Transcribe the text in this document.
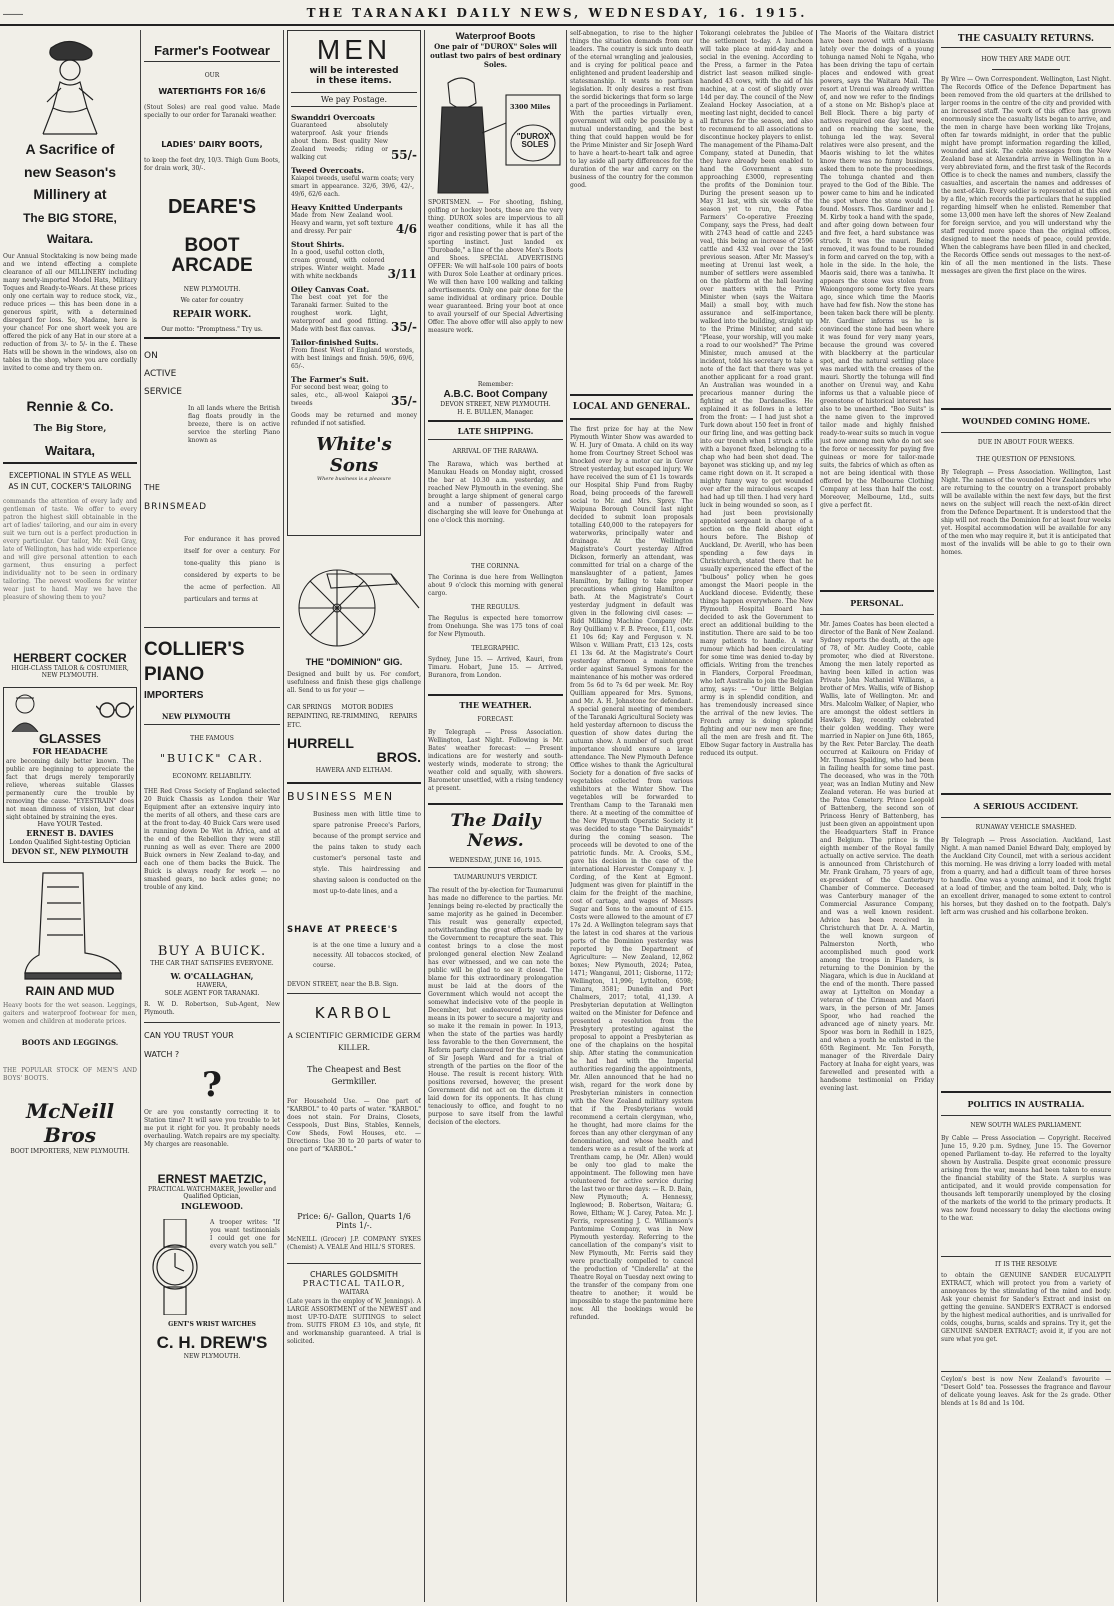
――	THE TARANAKI DAILY NEWS, WEDNESDAY, 16. 1915.
A Sacrifice of
new Season's
Millinery at
The BIG STORE,
Waitara.
Our Annual Stocktaking is now being made and we intend effecting a complete clearance of all our MILLINERY including many newly-imported Model Hats, Military Toques and Ready-to-Wears. At these prices only one certain way to reduce stock, viz., reduce prices — this has been done in a generous spirit, with a determined disregard for loss. So, Madame, here is your chance! For one short week you are offered the pick of any Hat in our store at a reduction of from 3/- to 5/- in the £. These Hats will be shown in the windows, also on tables in the shop, where you are cordially invited to come and try them on.
Rennie & Co.
The Big Store,
Waitara,
EXCEPTIONAL IN STYLE AS WELL AS IN CUT, COCKER'S TAILORING
commands the attention of every lady and gentleman of taste. We offer to every patron the highest skill obtainable in the art of ladies' tailoring, and our aim in every suit we turn out is a perfect production in every particular. Our tailor, Mr. Neil Gray, late of Wellington, has had wide experience and will give personal attention to each garment, thus ensuring a perfect individuality not to be seen in ordinary tailoring. The newest woollens for winter wear just to hand. May we have the pleasure of showing them to you?
HERBERT COCKER
HIGH-CLASS TAILOR & COSTUMIER, NEW PLYMOUTH.
GLASSES
FOR HEADACHE
are becoming daily better known. The public are beginning to appreciate the fact that drugs merely temporarily relieve, whereas suitable Glasses permanently cure the trouble by removing the cause. "EYESTRAIN" does not mean dimness of vision, but clear sight obtained by straining the eyes.
Have YOUR Tested.
ERNEST B. DAVIES
London Qualified Sight-testing Optician
DEVON ST., NEW PLYMOUTH
RAIN AND MUD
Heavy boots for the wet season. Leggings, gaiters and waterproof footwear for men, women and children at moderate prices.
BOOTS AND LEGGINGS.
THE POPULAR STOCK OF MEN'S AND BOYS' BOOTS.
McNeill Bros
BOOT IMPORTERS, NEW PLYMOUTH.
Farmer's Footwear
OUR
WATERTIGHTS FOR 16/6
(Stout Soles) are real good value. Made specially to our order for Taranaki weather.
LADIES' DAIRY BOOTS,
to keep the feet dry, 10/3. Thigh Gum Boots, for drain work, 30/-.
DEARE'S
BOOT ARCADE
NEW PLYMOUTH.
We cater for country
REPAIR WORK.
Our motto: "Promptness." Try us.
ON
ACTIVE
SERVICE
In all lands where the British flag floats proudly in the breeze, there is on active service the sterling Piano known as
THE
BRINSMEAD
For endurance it has proved itself for over a century. For tone-quality this piano is considered by experts to be the acme of perfection. All particulars and terms at
COLLIER'S
PIANO
IMPORTERS
NEW PLYMOUTH
THE FAMOUS
"BUICK" CAR.
ECONOMY. RELIABILITY.
THE Red Cross Society of England selected 20 Buick Chassis as London their War Equipment after an extensive inquiry into the merits of all others, and these cars are at the front to-day. 40 Buick Cars were used in running down De Wet in Africa, and at the end of the Rebellion they were still running as well as ever. There are 2000 Buick owners in New Zealand to-day, and each one of them backs the Buick. The Buick is always ready for work — no smashed gears, no back axles gone; no trouble of any kind.
BUY A BUICK.
THE CAR THAT SATISFIES EVERYONE.
W. O'CALLAGHAN,
HAWERA,
SOLE AGENT FOR TARANAKI.
R. W. D. Robertson, Sub-Agent, New Plymouth.
CAN YOU TRUST YOUR
WATCH ?
?
Or are you constantly correcting it to Station time? It will save you trouble to let me put it right for you. It probably needs overhauling. Watch repairs are my specialty. My charges are reasonable.
ERNEST MAETZIC,
PRACTICAL WATCHMAKER, Jeweller and Qualified Optician,
INGLEWOOD.
A trooper writes: "If you want testimonials I could get one for every watch you sell."
GENT'S WRIST WATCHES
C. H. DREW'S
NEW PLYMOUTH.
MEN
will be interested
in these items.
We pay Postage.
Swanddri Overcoats
Guaranteed absolutely waterproof. Ask your friends about them. Best quality New Zealand tweeds; riding or walking cut	55/-
Tweed Overcoats.
Kaiapoi tweeds, useful warm coats; very smart in appearance. 32/6, 39/6, 42/-, 49/6, 62/6 each.
Heavy Knitted Underpants
Made from New Zealand wool. Heavy and warm, yet soft texture and dressy. Per pair	4/6
Stout Shirts.
In a good, useful cotton cloth, cream ground, with colored stripes. Winter weight. Made with white neckbands	3/11
Oiley Canvas Coat.
The best coat yet for the Taranaki farmer. Suited to the roughest work. Light, waterproof and good fitting. Made with best flax canvas.	35/-
Tailor-finished Suits.
From finest West of England worsteds, with best linings and finish. 59/6, 69/6, 65/-.
The Farmer's Suit.
For second best wear, going to sales, etc., all-wool Kaiapoi tweeds	35/-
Goods may be returned and money refunded if not satisfied.
White's Sons
Where business is a pleasure
THE "DOMINION" GIG.
Designed and built by us. For comfort, usefulness and finish these gigs challenge all. Send to us for your —
CAR SPRINGS MOTOR BODIES
REPAINTING, RE-TRIMMING, REPAIRS
ETC.
HURRELL
BROS.
HAWERA AND ELTHAM.
BUSINESS MEN
Business men with little time to spare patronise Preece's Parlors, because of the prompt service and the pains taken to study each customer's personal taste and style. This hairdressing and shaving saloon is conducted on the most up-to-date lines, and a
SHAVE AT PREECE'S
is at the one time a luxury and a necessity. All tobaccos stocked, of course.
DEVON STREET, near the B.B. Sign.
KARBOL
A SCIENTIFIC GERMICIDE GERM KILLER.
The Cheapest and Best Germkiller.
For Household Use. — One part of "KARBOL" to 40 parts of water. "KARBOL" does not stain. For Drains, Closets, Cesspools, Dust Bins, Stables, Kennels, Cow Sheds, Fowl Houses, etc. — Directions: Use 30 to 20 parts of water to one part of "KARBOL."
Price: 6/- Gallon, Quarts 1/6 Pints 1/-.
McNEILL (Grocer) J.P. COMPANY SYKES (Chemist) A. VEALE And HILL'S STORES.
CHARLES GOLDSMITH
PRACTICAL TAILOR,
WAITARA
(Late years in the employ of W. Jennings). A LARGE ASSORTMENT of the NEWEST and most UP-TO-DATE SUITINGS to select from. SUITS FROM £3 10s, and style, fit and workmanship guaranteed. A trial is solicited.
Waterproof Boots
One pair of "DUROX" Soles will outlast two pairs of best ordinary Soles.
3300 Miles
"DUROX" SOLES
SPORTSMEN. — For shooting, fishing, golfing or hockey boots, these are the very thing. DUROX soles are impervious to all weather conditions, while it has all the rigor and resisting power that is part of the sporting instinct. Just landed ex "Durobade," a line of the above Men's Boots and Shoes. SPECIAL ADVERTISING OFFER: We will half-sole 100 pairs of boots with Durox Sole Leather at ordinary prices. We will then have 100 walking and talking advertisements. Only one pair done for the same individual at ordinary price. Double wear guaranteed. Bring your boot at once to avail yourself of our Special Advertising Offer. The above offer will also apply to new measure work.
Remember:
A.B.C. Boot Company
DEVON STREET, NEW PLYMOUTH.
H. E. BULLEN, Manager.
LATE SHIPPING.
ARRIVAL OF THE RARAWA.
The Rarawa, which was berthed at Manukau Heads on Monday night, crossed the bar at 10.30 a.m. yesterday, and reached New Plymouth in the evening. She brought a large shipment of general cargo and a number of passengers. After discharging she will leave for Onehunga at one o'clock this morning.
THE CORINNA.
The Corinna is due here from Wellington about 9 o'clock this morning with general cargo.
THE REGULUS.
The Regulus is expected here tomorrow from Onehunga. She was 175 tons of coal for New Plymouth.
TELEGRAPHIC.
Sydney, June 15. — Arrived, Kauri, from Timaru. Hobart, June 15. — Arrived, Buranora, from London.
THE WEATHER.
FORECAST.
By Telegraph — Press Association. Wellington, Last Night. Following is Mr. Bates' weather forecast: — Present indications are for westerly and south-westerly winds, moderate to strong; the weather cold and squally, with showers. Barometer unsettled, with a rising tendency at present.
The Daily News.
WEDNESDAY, JUNE 16, 1915.
TAUMARUNUI'S VERDICT.
The result of the by-election for Taumarunui has made no difference to the parties. Mr. Jennings being re-elected by practically the same majority as he gained in December. This result was generally expected, notwithstanding the great efforts made by the Government to recapture the seat. This contest brings to a close the most prolonged general election New Zealand has ever witnessed, and we can note the public will be glad to see it closed. The blame for this extraordinary prolongation must be laid at the doors of the Government which would not accept the somewhat indecisive vote of the people in December, but endeavoured by various means in its power to secure a majority and so make it the remain in power. In 1913, when the state of the parties was hardly less favorable to the then Government, the Reform party clamoured for the resignation of Sir Joseph Ward and for a trial of strength of the parties on the floor of the House. The result is recent history. With positions reversed, however, the present Government did not act on the dictum it laid down for its opponents. It has clung tenaciously to office, and fought to no purpose to save itself from the lawful decision of the electors.
self-abnegation, to rise to the higher things the situation demands from our leaders. The country is sick unto death of the eternal wrangling and jealousies, and is crying for political peace and enlightened and prudent leadership and statesmanship. It wants no partisan legislation. It only desires a rest from the sordid bickerings that form so large a part of the proceedings in Parliament. With the parties virtually even, government will only be possible by a mutual understanding, and the best thing that could happen would be for the Prime Minister and Sir Joseph Ward to have a heart-to-heart talk and agree to lay aside all party differences for the duration of the war and carry on the business of the country for the common good.
LOCAL AND GENERAL.
The first prize for hay at the New Plymouth Winter Show was awarded to W. H. Jury of Omata. A child on its way home from Courtney Street School was knocked over by a motor car in Gover Street yesterday, but escaped injury. We have received the sum of £1 1s towards our Hospital Ship Fund from Rugby Road, being proceeds of the farewell social to Mr. and Mrs. Sprey. The Waipuna Borough Council last night decided to submit loan proposals totalling £40,000 to the ratepayers for waterworks, principally water and drainage. At the Wellington Magistrate's Court yesterday Alfred Dickson, formerly an attendant, was committed for trial on a charge of the manslaughter of a patient, James Hamilton, by failing to take proper precautions when giving Hamilton a bath. At the Magistrate's Court yesterday judgment in default was given in the following civil cases: — Ridd Milking Machine Company (Mr. Roy Quilliam) v. F. B. Preece, £11, costs £1 10s 6d; Kay and Ferguson v. N. Wilson v. William Pratt, £13 12s, costs £1 13s 6d. At the Magistrate's Court yesterday afternoon a maintenance order against Samuel Symons for the maintenance of his mother was ordered from 5s 6d to 7s 6d per week. Mr. Roy Quilliam appeared for Mrs. Symons, and Mr. A. H. Johnstone for defendant. A special general meeting of members of the Taranaki Agricultural Society was held yesterday afternoon to discuss the question of show dates during the autumn show. A number of such great importance should ensure a large attendance. The New Plymouth Defence Office wishes to thank the Agricultural Society for a donation of five sacks of vegetables collected from various exhibitors at the Winter Show. The vegetables will be forwarded to Trentham Camp to the Taranaki men there. At a meeting of the committee of the New Plymouth Operatic Society it was decided to stage "The Dairymaids" during the coming season. The proceeds will be devoted to one of the patriotic funds. Mr. A. Crooks, S.M., gave his decision in the case of the international Harvester Company v. J. Cording, of the Kent at Egmont. Judgment was given for plaintiff in the claim for the freight of the machine, cost of cartage, and wages of Messrs Sugar and Sons to the amount of £15. Costs were allowed to the amount of £7 17s 2d. A Wellington telegram says that the latest in cod shares at the various ports of the Dominion yesterday was reported by the Department of Agriculture: — New Zealand, 12,862 boxes; New Plymouth, 2024; Patea, 1471; Wanganui, 2011; Gisborne, 1172; Wellington, 11,996; Lyttelton, 6598; Timaru, 3581; Dunedin and Port Chalmers, 2017; total, 41,139. A Presbyterian deputation at Wellington waited on the Minister for Defence and presented a resolution from the Presbytery protesting against the proposal to appoint a Presbyterian as one of the chaplains on the hospital ship. After stating the communication he had had with the Imperial authorities regarding the appointments, Mr. Allen announced that he had no wish, regard for the work done by Presbyterian ministers in connection with the New Zealand military system that if the Presbyterians would recommend a certain clergyman, who, he thought, had more claims for the forces than any other clergyman of any denomination, and whose health and tenders were as a result of the work at Trentham camp, he (Mr. Allen) would be only too glad to make the appointment. The following men have volunteered for active service during the last two or three days: — R. D. Bain, New Plymouth; A. Hennessy, Inglewood; B. Robertson, Waitara; G. Rowe, Eltham; W. J. Carey, Patea. Mr. J. Ferris, representing J. C. Williamson's Pantomime Company, was in New Plymouth yesterday. Referring to the cancellation of the company's visit to New Plymouth, Mr. Ferris said they were practically compelled to cancel the production of "Cinderella" at the Theatre Royal on Tuesday next owing to the transfer of the company from one theatre to another; it would be impossible to stage the pantomime here now. All the bookings would be refunded.
Tokorangi celebrates the Jubilee of the settlement to-day. A luncheon will take place at mid-day and a social in the evening. According to the Press, a farmer in the Patea district last season milked single-handed 43 cows, with the aid of his machine, at a cost of slightly over 14d per day. The council of the New Zealand Hockey Association, at a meeting last night, decided to cancel all fixtures for the season, and also to recommend to all associations to discontinue hockey players to enlist. The management of the Pihama-Dalt Company, stated at Dunedin, that they have already been enabled to hand the Government a sum approaching £3000, representing the profits of the Dominion tour. During the present season up to May 31 last, with six weeks of the season yet to run, the Patea Farmers' Co-operative Freezing Company, says the Press, had dealt with 2743 head of cattle and 2245 veal, this being an increase of 2596 cattle and 432 veal over the last previous season. After Mr. Massey's meeting at Urenui last week, a number of settlers were assembled on the platform at the hall leaving over matters with the Prime Minister when (says the Waitara Mail) a small boy, with much assurance and self-importance, walked into the building, straight up to the Prime Minister, and said: "Please, your worship, will you make a road to our woolshed?" The Prime Minister, much amused at the incident, told his secretary to take a note of the fact that there was yet another applicant for a road grant. An Australian was wounded in a precarious manner during the fighting at the Dardanelles. He explained it as follows in a letter from the front: — I had just shot a Turk down about 150 feet in front of our firing line, and was getting back into our trench when I struck a rifle with a bayonet fixed, belonging to a chap who had been shot dead. The bayonet was sticking up, and my leg came right down on it. It scraped a mighty funny way to get wounded over after the miraculous escapes I had had up till then. I had very hard luck in being wounded so soon, as I had just been provisionally appointed sergeant in charge of a section on the field about eight hours before. The Bishop of Auckland, Dr. Averill, who has been spending a few days in Christchurch, stated there that he usually experienced the effect of the "bulbous" policy when he goes amongst the Maori people in the Auckland diocese. Evidently, these things happen everywhere. The New Plymouth Hospital Board has decided to ask the Government to erect an additional building to the institution. There are said to be too many patients to handle. A war rumour which had been circulating for some time was denied to-day by officials. Writing from the trenches in Flanders, Corporal Freedman, who left Australia to join the Belgian army, says: — "Our little Belgian army is in splendid condition, and has tremendously increased since the arrival of the new levies. The French army is doing splendid fighting and our new men are fine; all the men are fresh and fit. The Elbow Sugar factory in Australia has reduced its output.
The Maoris of the Waitara district have been moved with enthusiasm lately over the doings of a young tohunga named Nohi te Ngaha, who has been driving the tapu of certain places and endowed with great powers, says the Waitara Mail. The resort at Urenui was already written of, and now we refer to the findings of a stone on Mr. Bishop's place at Bell Block. There a big party of natives required one day last week, and on reaching the scene, the tohunga led the way. Several relatives were also present, and the Maoris wishing to let the whites know there was no funny business, asked them to note the proceedings. The tohunga chanted and then prayed to the God of the Bible. The power came to him and he indicated the spot where the stone would be found. Mossrs. Thos. Gardiner and J. M. Kirby took a hand with the spade, and after going down between four and five feet, a hard substance was struck. It was the mauri. Being removed, it was found to be rounded in form and carved on the top, with a hole in the side. In the hole, the Maoris said, there was a taniwha. It appears the stone was stolen from Waiongongoro some forty five years ago, since which time the Maoris have had few fish. Now the stone has been taken back there will be plenty. Mr. Gardiner informs us he is convinced the stone had been where it was found for very many years, because the ground was covered with blackberry at the particular spot, and the natural settling place was marked with the creases of the mauri. Shortly the tohunga will find another on Urenui way, and Kahu informs us that a valuable piece of greenstone of historical interest has also to be unearthed. "Boo Suits" is the name given to the improved tailor made and highly finished ready-to-wear suits so much in vogue just now among men who do not see the force or necessity for paying five guineas or more for tailor-made suits, the fabrics of which as often as not are being identical with those offered by the Melbourne Clothing Company at less than half the cost. Moreover, Melbourne, Ltd., suits give a perfect fit.
PERSONAL.
Mr. James Coates has been elected a director of the Bank of New Zealand. Sydney reports the death, at the age of 78, of Mr. Audley Coote, cable promoter, who died at Riverstone. Among the men lately reported as having been killed in action was Private John Nathaniel Williams, a brother of Mrs. Wallis, wife of Bishop Wallis, late of Wellington. Mr. and Mrs. Malcolm Walker, of Napier, who are amongst the oldest settlers in Hawke's Bay, recently celebrated their golden wedding. They were married in Napier on June 6th, 1865, by the Rev. Peter Barclay. The death occurred at Kaikoura on Friday of Mr. Thomas Spalding, who had been in failing health for some time past. The deceased, who was in the 70th year, was an Indian Mutiny and New Zealand veteran. He was buried at the Patea Cemetery. Prince Leopold of Battenberg, the second son of Princess Henry of Battenberg, has just been given an appointment upon the Headquarters Staff in France and Belgium. The prince is the eighth member of the Royal family actually on active service. The death is announced from Christchurch of Mr. Frank Graham, 75 years of age, ex-president of the Canterbury Chamber of Commerce. Deceased was Canterbury manager of the Commercial Assurance Company, and was a well known resident. Advice has been received in Christchurch that Dr. A. A. Martin, the well known surgeon of Palmerston North, who accomplished much good work among the troops in Flanders, is returning to the Dominion by the Niagara, which is due in Auckland at the end of the month. There passed away at Lyttelton on Monday a veteran of the Crimean and Maori wars, in the person of Mr. James Spoor, who had reached the advanced age of ninety years. Mr. Spoor was born in Redhill in 1825, and when a youth he enlisted in the 65th Regiment. Mr. Ten Forsyth, manager of the Riverdale Dairy Factory at Inaha for eight years, was farewelled and presented with a handsome testimonial on Friday evening last.
THE CASUALTY RETURNS.
HOW THEY ARE MADE OUT.
By Wire — Own Correspondent. Wellington, Last Night. The Records Office of the Defence Department has been removed from the old quarters at the drillshed to larger rooms in the centre of the city and provided with an increased staff. The work of this office has grown enormously since the casualty lists began to arrive, and the men in charge have been working like Trojans, often far towards midnight, in order that the public might have prompt information regarding the killed, wounded and sick. The cable messages from the New Zealand base at Alexandria arrive in Wellington in a very abbreviated form, and the first task of the Records Office is to check the names and numbers, classify the casualties, and ascertain the names and addresses of the next-of-kin. Every soldier is represented at this end by a file, which records the particulars that he supplied regarding himself when he enlisted. Remember that some 13,000 men have left the shores of New Zealand for foreign service, and you will understand why the staff required more space than the original offices, designed to meet the needs of peace, could provide. When the cablegrams have been filled in and checked, the Records Office sends out messages to the next-of-kin of all the men mentioned in the lists. These messages are given the first place on the wires.
WOUNDED COMING HOME.
DUE IN ABOUT FOUR WEEKS.
THE QUESTION OF PENSIONS.
By Telegraph — Press Association. Wellington, Last Night. The names of the wounded New Zealanders who are returning to the country on a transport probably will be available within the next few days, but the first news on the subject will reach the next-of-kin direct from the Defence Department. It is understood that the ship will not reach the Dominion for at least four weeks yet. Hospital accommodation will be available for any of the men who may require it, but it is anticipated that most of the invalids will be able to go to their own homes.
A SERIOUS ACCIDENT.
RUNAWAY VEHICLE SMASHED.
By Telegraph — Press Association. Auckland, Last Night. A man named Daniel Edward Daly, employed by the Auckland City Council, met with a serious accident this morning. He was driving a lorry loaded with metal from a quarry, and had a difficult team of three horses to handle. One was a young animal, and it took fright at a load of timber, and the team bolted. Daly, who is an excellent driver, managed to some extent to control his horses, but they dashed on to the footpath. Daly's left arm was crushed and his collarbone broken.
POLITICS IN AUSTRALIA.
NEW SOUTH WALES PARLIAMENT.
By Cable — Press Association — Copyright. Received June 15, 9.20 p.m. Sydney, June 15. The Governor opened Parliament to-day. He referred to the loyalty shown by Australia. Despite great economic pressure arising from the war, means had been taken to ensure the financial stability of the State. A surplus was anticipated, and it would provide compensation for thousands left temporarily unemployed by the closing of the markets of the world to the primary products. It was now found necessary to delay the elections owing to the war.
IT IS THE RESOLVE
to obtain the GENUINE SANDER EUCALYPTI EXTRACT, which will protect you from a variety of annoyances by the stimulating of the mind and body. Ask your chemist for Sander's Extract and insist on getting the genuine. SANDER'S EXTRACT is endorsed by the highest medical authorities, and is unrivalled for colds, coughs, burns, scalds and sprains. Try it, get the GENUINE SANDER EXTRACT; avoid it, if you are not sure what you get.
Ceylon's best is now New Zealand's favourite — "Desert Gold" tea. Possesses the fragrance and flavour of delicate young leaves. Ask for the 2s grade. Other blends at 1s 8d and 1s 10d.
